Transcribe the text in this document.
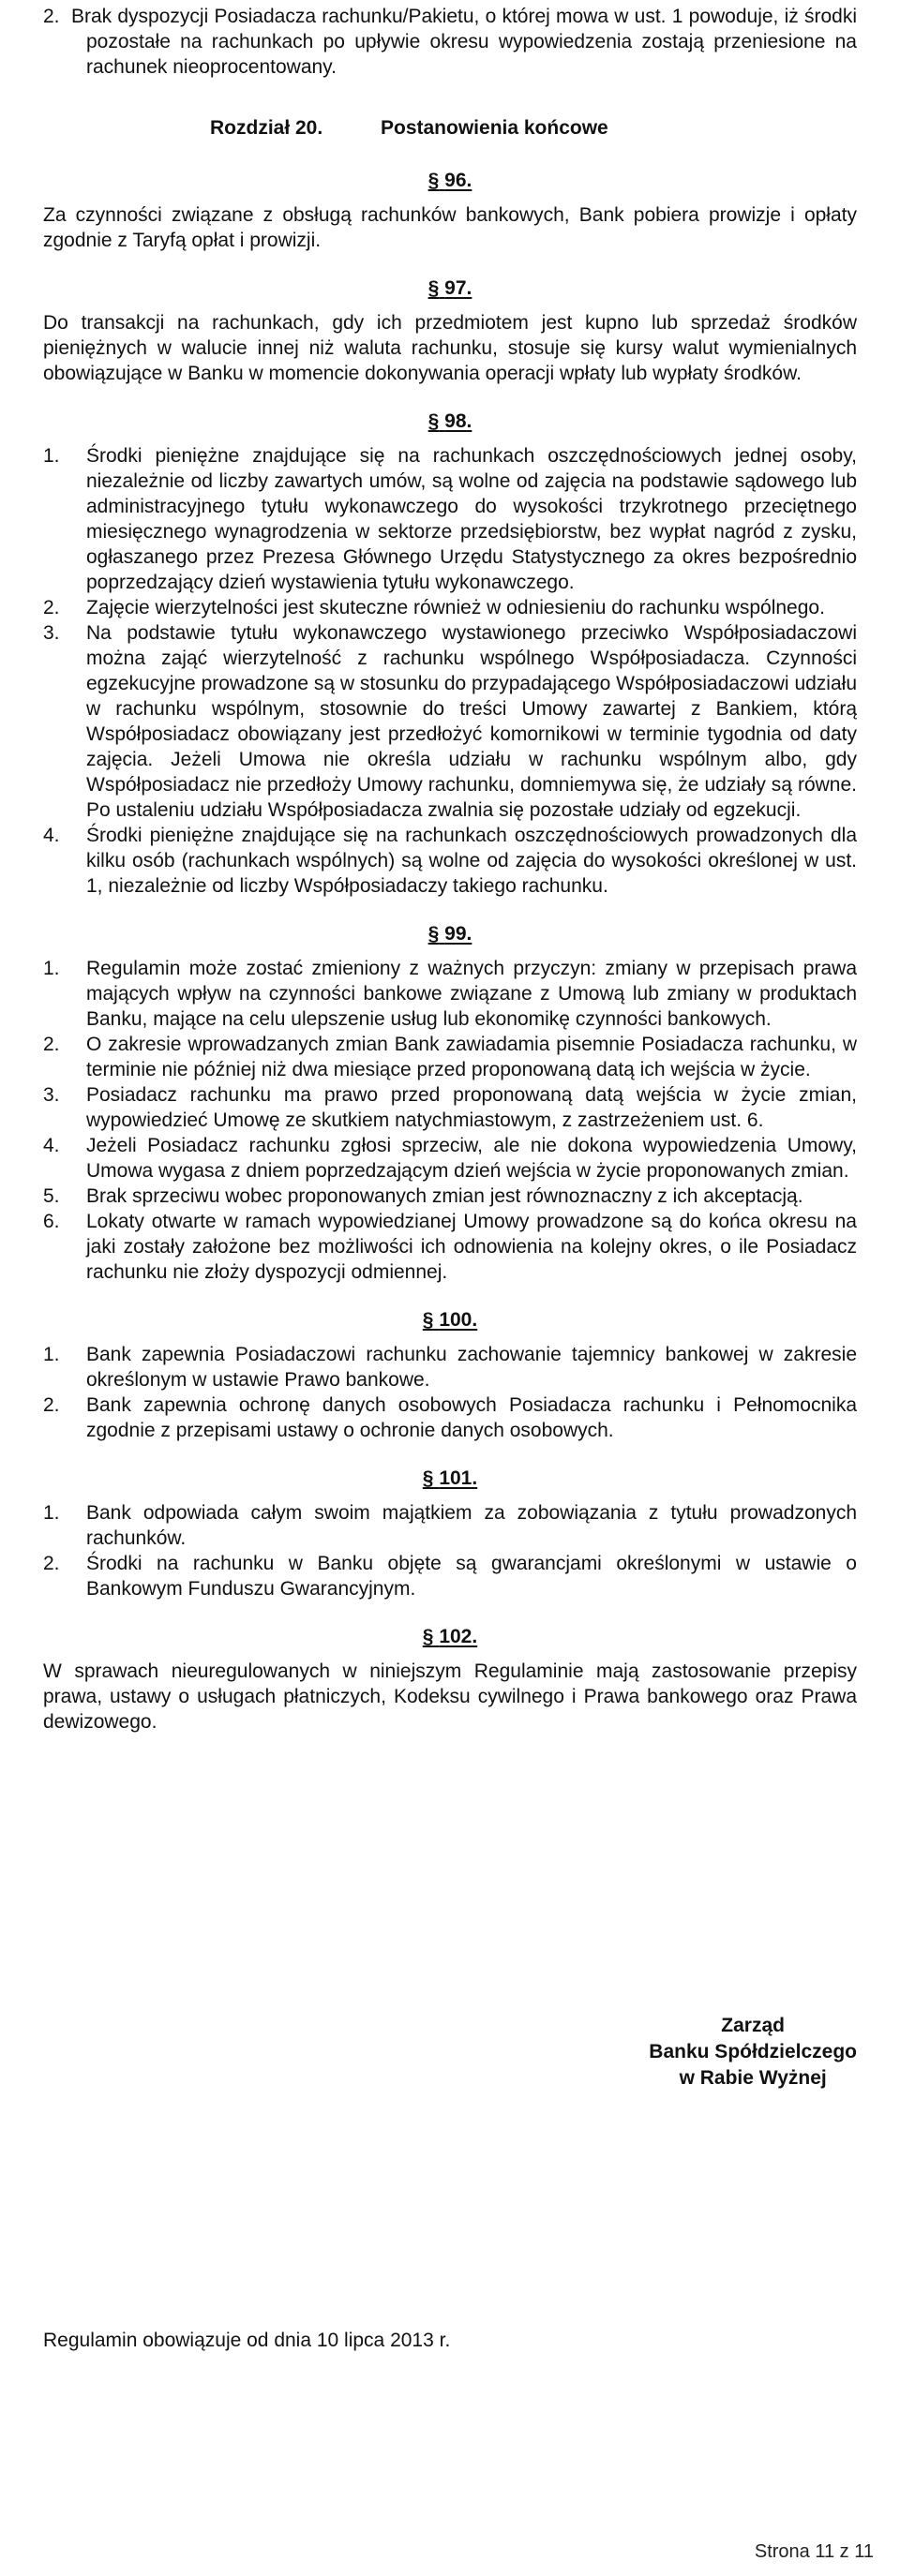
2. Brak dyspozycji Posiadacza rachunku/Pakietu, o której mowa w ust. 1 powoduje, iż środki pozostałe na rachunkach po upływie okresu wypowiedzenia zostają przeniesione na rachunek nieoprocentowany.
Rozdział 20.	Postanowienia końcowe
§ 96.
Za czynności związane z obsługą rachunków bankowych, Bank pobiera prowizje i opłaty zgodnie z Taryfą opłat i prowizji.
§ 97.
Do transakcji na rachunkach, gdy ich przedmiotem jest kupno lub sprzedaż środków pieniężnych w walucie innej niż waluta rachunku, stosuje się kursy walut wymienialnych obowiązujące w Banku w momencie dokonywania operacji wpłaty lub wypłaty środków.
§ 98.
1. Środki pieniężne znajdujące się na rachunkach oszczędnościowych jednej osoby, niezależnie od liczby zawartych umów, są wolne od zajęcia na podstawie sądowego lub administracyjnego tytułu wykonawczego do wysokości trzykrotnego przeciętnego miesięcznego wynagrodzenia w sektorze przedsiębiorstw, bez wypłat nagród z zysku, ogłaszanego przez Prezesa Głównego Urzędu Statystycznego za okres bezpośrednio poprzedzający dzień wystawienia tytułu wykonawczego.
2. Zajęcie wierzytelności jest skuteczne również w odniesieniu do rachunku wspólnego.
3. Na podstawie tytułu wykonawczego wystawionego przeciwko Współposiadaczowi można zająć wierzytelność z rachunku wspólnego Współposiadacza. Czynności egzekucyjne prowadzone są w stosunku do przypadającego Współposiadaczowi udziału w rachunku wspólnym, stosownie do treści Umowy zawartej z Bankiem, którą Współposiadacz obowiązany jest przedłożyć komornikowi w terminie tygodnia od daty zajęcia. Jeżeli Umowa nie określa udziału w rachunku wspólnym albo, gdy Współposiadacz nie przedłoży Umowy rachunku, domniemywa się, że udziały są równe. Po ustaleniu udziału Współposiadacza zwalnia się pozostałe udziały od egzekucji.
4. Środki pieniężne znajdujące się na rachunkach oszczędnościowych prowadzonych dla kilku osób (rachunkach wspólnych) są wolne od zajęcia do wysokości określonej w ust. 1, niezależnie od liczby Współposiadaczy takiego rachunku.
§ 99.
1. Regulamin może zostać zmieniony z ważnych przyczyn: zmiany w przepisach prawa mających wpływ na czynności bankowe związane z Umową lub zmiany w produktach Banku, mające na celu ulepszenie usług lub ekonomikę czynności bankowych.
2. O zakresie wprowadzanych zmian Bank zawiadamia pisemnie Posiadacza rachunku, w terminie nie później niż dwa miesiące przed proponowaną datą ich wejścia w życie.
3. Posiadacz rachunku ma prawo przed proponowaną datą wejścia w życie zmian, wypowiedzieć Umowę ze skutkiem natychmiastowym, z zastrzeżeniem ust. 6.
4. Jeżeli Posiadacz rachunku zgłosi sprzeciw, ale nie dokona wypowiedzenia Umowy, Umowa wygasa z dniem poprzedzającym dzień wejścia w życie proponowanych zmian.
5. Brak sprzeciwu wobec proponowanych zmian jest równoznaczny z ich akceptacją.
6. Lokaty otwarte w ramach wypowiedzianej Umowy prowadzone są do końca okresu na jaki zostały założone bez możliwości ich odnowienia na kolejny okres, o ile Posiadacz rachunku nie złoży dyspozycji odmiennej.
§ 100.
1. Bank zapewnia Posiadaczowi rachunku zachowanie tajemnicy bankowej w zakresie określonym w ustawie Prawo bankowe.
2. Bank zapewnia ochronę danych osobowych Posiadacza rachunku i Pełnomocnika zgodnie z przepisami ustawy o ochronie danych osobowych.
§ 101.
1. Bank odpowiada całym swoim majątkiem za zobowiązania z tytułu prowadzonych rachunków.
2. Środki na rachunku w Banku objęte są gwarancjami określonymi w ustawie o Bankowym Funduszu Gwarancyjnym.
§ 102.
W sprawach nieuregulowanych w niniejszym Regulaminie mają zastosowanie przepisy prawa, ustawy o usługach płatniczych, Kodeksu cywilnego i Prawa bankowego oraz Prawa dewizowego.
Zarząd
Banku Spółdzielczego
w Rabie Wyżnej
Regulamin obowiązuje od dnia 10 lipca 2013 r.
Strona 11 z 11
